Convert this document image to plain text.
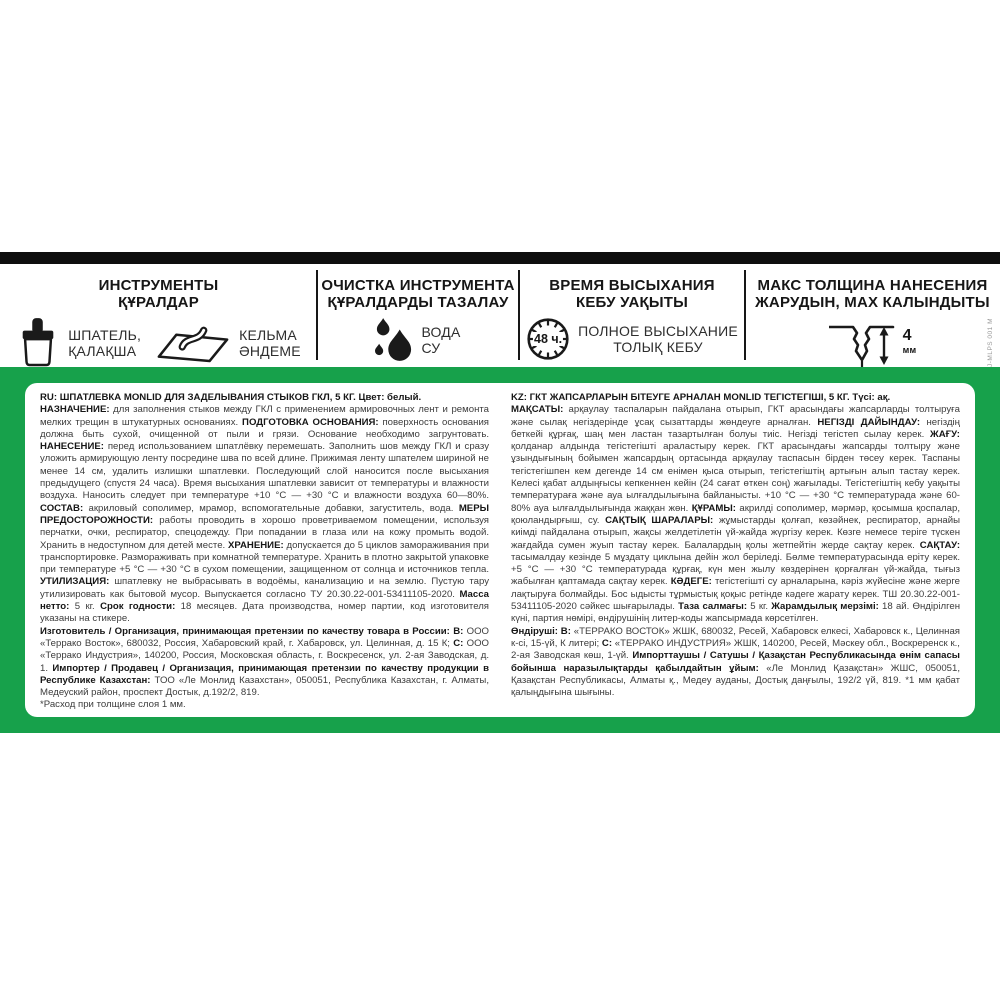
ИНСТРУМЕНТЫ
ҚҰРАЛДАР
ШПАТЕЛЬ,
ҚАЛАҚША
КЕЛЬМА
ӘНДЕМЕ
ОЧИСТКА ИНСТРУМЕНТА
ҚҰРАЛДАРДЫ ТАЗАЛАУ
ВОДА
СУ
ВРЕМЯ ВЫСЫХАНИЯ
КЕБУ УАҚЫТЫ
48 ч.
ПОЛНОЕ ВЫСЫХАНИЕ
ТОЛЫҚ КЕБУ
МАКС ТОЛЩИНА НАНЕСЕНИЯ
ЖАРУДЫН, MAX КАЛЫНДЫТЫ
4
мм	J-MLPS 001 M
RU: ШПАТЛЕВКА MONLID ДЛЯ ЗАДЕЛЫВАНИЯ СТЫКОВ ГКЛ, 5 КГ. Цвет: белый.
НАЗНАЧЕНИЕ: для заполнения стыков между ГКЛ с применением армировочных лент и ремонта мелких трещин в штукатурных основаниях. ПОДГОТОВКА ОСНОВАНИЯ: поверхность основания должна быть сухой, очищенной от пыли и грязи. Основание необходимо загрунтовать. НАНЕСЕНИЕ: перед использованием шпатлёвку перемешать. Заполнить шов между ГКЛ и сразу уложить армирующую ленту посредине шва по всей длине. Прижимая ленту шпателем шириной не менее 14 см, удалить излишки шпатлевки. Последующий слой наносится после высыхания предыдущего (спустя 24 часа). Время высыхания шпатлевки зависит от температуры и влажности воздуха. Наносить следует при температуре +10 °C — +30 °C и влажности воздуха 60—80%. СОСТАВ: акриловый сополимер, мрамор, вспомогательные добавки, загуститель, вода. МЕРЫ ПРЕДОСТОРОЖНОСТИ: работы проводить в хорошо проветриваемом помещении, используя перчатки, очки, респиратор, спецодежду. При попадании в глаза или на кожу промыть водой. Хранить в недоступном для детей месте. ХРАНЕНИЕ: допускается до 5 циклов замораживания при транспортировке. Размораживать при комнатной температуре. Хранить в плотно закрытой упаковке при температуре +5 °C — +30 °C в сухом помещении, защищенном от солнца и источников тепла. УТИЛИЗАЦИЯ: шпатлевку не выбрасывать в водоёмы, канализацию и на землю. Пустую тару утилизировать как бытовой мусор. Выпускается согласно ТУ 20.30.22-001-53411105-2020. Масса нетто: 5 кг. Срок годности: 18 месяцев. Дата производства, номер партии, код изготовителя указаны на стикере.
Изготовитель / Организация, принимающая претензии по качеству товара в России: В: ООО «Террако Восток», 680032, Россия, Хабаровский край, г. Хабаровск, ул. Целинная, д. 15 К; С: ООО «Террако Индустрия», 140200, Россия, Московская область, г. Воскресенск, ул. 2-ая Заводская, д. 1. Импортер / Продавец / Организация, принимающая претензии по качеству продукции в Республике Казахстан: ТОО «Ле Монлид Казахстан», 050051, Республика Казахстан, г. Алматы, Медеуский район, проспект Достык, д.192/2, 819.
*Расход при толщине слоя 1 мм.
KZ: ГКТ ЖАПСАРЛАРЫН БІТЕУГЕ АРНАЛАН MONLID ТЕГІСТЕГІШІ, 5 КГ. Түсі: ақ.
МАҚСАТЫ: арқаулау таспаларын пайдалана отырып, ГКТ арасындағы жапсарларды толтыруға және сылақ негіздерінде ұсақ сызаттарды жөндеуге арналған. НЕГІЗДІ ДАЙЫНДАУ: негіздің беткейі құрғақ, шаң мен ластан тазартылған болуы тиіс. Негізді тегістеп сылау керек. ЖАҒУ: қолданар алдында тегістегішті араластыру керек. ГКТ арасындағы жапсарды толтыру және ұзындығының бойымен жапсардың ортасында арқаулау таспасын бірден төсеу керек. Таспаны тегістегішпен кем дегенде 14 см енімен қыса отырып, тегістегіштің артығын алып тастау керек. Келесі қабат алдыңғысы кепкеннен кейін (24 сағат өткен соң) жағылады. Тегістегіштің кебу уақыты температураға және ауа ылғалдылығына байланысты. +10 °C — +30 °C температурада және 60-80% ауа ылғалдылығында жаққан жөн. ҚҰРАМЫ: акрилді сополимер, мәрмәр, қосымша қоспалар, қоюландырғыш, су. САҚТЫҚ ШАРАЛАРЫ: жұмыстарды қолғап, көзәйнек, респиратор, арнайы киімді пайдалана отырып, жақсы желдетілетін үй-жайда жүргізу керек. Көзге немесе теріге түскен жағдайда сумен жуып тастау керек. Балалардың қолы жетпейтін жерде сақтау керек. САҚТАУ: тасымалдау кезінде 5 мұздату циклына дейін жол беріледі. Бөлме температурасында еріту керек. +5 °C — +30 °C температурада құрғақ, күн мен жылу көздерінен қорғалған үй-жайда, тығыз жабылған қаптамада сақтау керек. КӘДЕГЕ: тегістегішті су арналарына, кәріз жүйесіне және жерге лақтыруға болмайды. Бос ыдысты тұрмыстық қоқыс ретінде кәдеге жарату керек. ТШ 20.30.22-001-53411105-2020 сәйкес шығарылады. Таза салмағы: 5 кг. Жарамдылық мерзімі: 18 ай. Өндірілген күні, партия нөмірі, өндірушінің литер-коды жапсырмада көрсетілген.
Өндіруші: В: «ТЕРРАКО ВОСТОК» ЖШК, 680032, Ресей, Хабаровск елкесі, Хабаровск к., Целинная к-сі, 15-үй, К литері; С: «ТЕРРАКО ИНДУСТРИЯ» ЖШК, 140200, Ресей, Мәскеу обл., Воскреренск к., 2-ая Заводская көш, 1-үй. Импорттаушы / Сатушы / Қазақстан Республикасында өнім сапасы бойынша наразылықтарды қабылдайтын ұйым: «Ле Монлид Қазақстан» ЖШС, 050051, Қазақстан Республикасы, Алматы қ., Медеу ауданы, Достық даңғылы, 192/2 үй, 819. *1 мм қабат қалыңдығына шығыны.
